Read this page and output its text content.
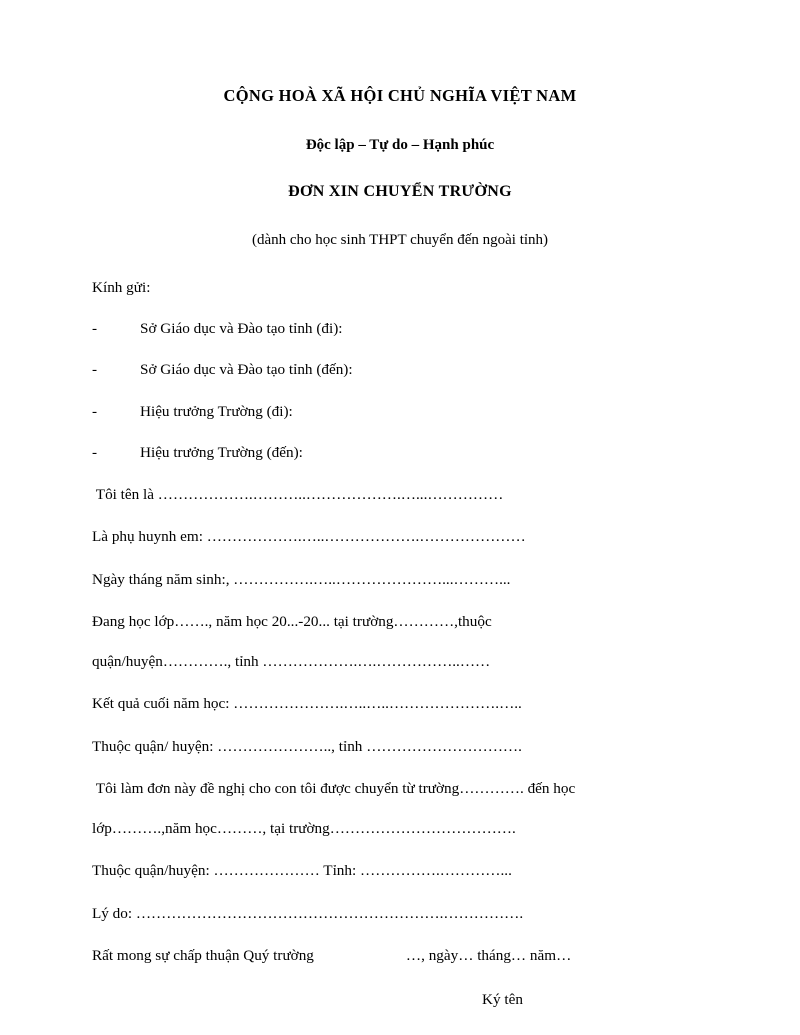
CỘNG HOÀ XÃ HỘI CHỦ NGHĨA VIỆT NAM

Độc lập – Tự do – Hạnh phúc

ĐƠN XIN CHUYỂN TRƯỜNG

(dành cho học sinh THPT chuyển đến ngoài tỉnh)

Kính gửi:

-	Sở Giáo dục và Đào tạo tỉnh (đi):
-	Sở Giáo dục và Đào tạo tỉnh (đến):
-	Hiệu trưởng Trường (đi):
-	Hiệu trưởng Trường (đến):

Tôi tên là ……………….………..……………….…...……………

Là phụ huynh em: ……………….…..……………….…………………

Ngày tháng năm sinh:, …………….…..…………………...………...

Đang học lớp……., năm học 20...-20... tại trường…………,thuộc

quận/huyện…………., tỉnh ……………….….……………..……

Kết quả cuối năm học: ………………….…..…..………………….…..

Thuộc quận/ huyện: ………………….., tỉnh ………………………….

Tôi làm đơn này đề nghị cho con tôi được chuyển từ trường…………. đến học

lớp……….,năm học………, tại trường……………………………….

Thuộc quận/huyện: ………………… Tỉnh: …………….…………...

Lý do: …………………………………………………….…………….

Rất mong sự chấp thuận Quý trường	…, ngày… tháng… năm…
Ký tên
